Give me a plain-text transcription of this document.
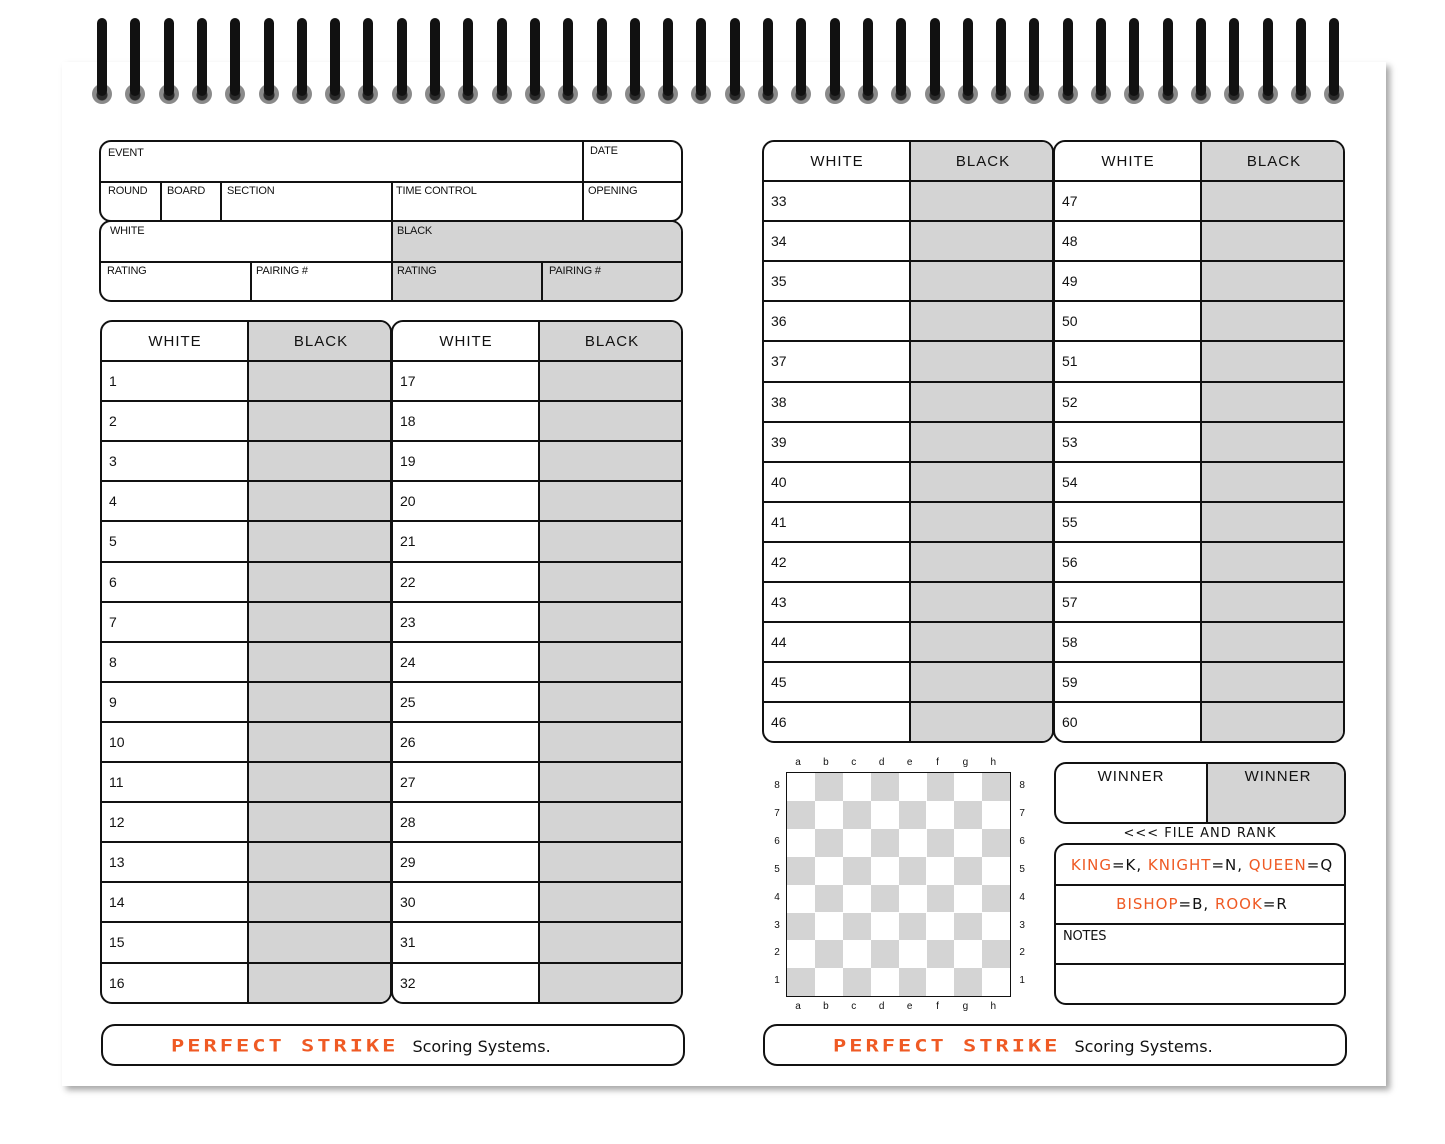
EVENT	DATE
ROUND BOARD SECTION	TIME CONTROL	OPENING
WHITE	BLACK
RATING	PAIRING #	RATING	PAIRING #
WHITE	BLACK
1
2
3
4
5
6
7
8
9
10
11
12
13
14
15
16
WHITE	BLACK
17
18
19
20
21
22
23
24
25
26
27
28
29
30
31
32
WHITE	BLACK
33
34
35
36
37
38
39
40
41
42
43
44
45
46
WHITE	BLACK
47
48
49
50
51
52
53
54
55
56
57
58
59
60
a
a
b
b
c
c
d
d
e
e
f
f
g
g
h
h
8	8
7	7
6	6
5	5
4	4
3	3
2	2
1	1
WINNER	WINNER
<<< FILE AND RANK
KING=K, KNIGHT=N, QUEEN=Q
BISHOP=B, ROOK=R
NOTES
PERFECT STRIKE Scoring Systems.	PERFECT STRIKE Scoring Systems.
